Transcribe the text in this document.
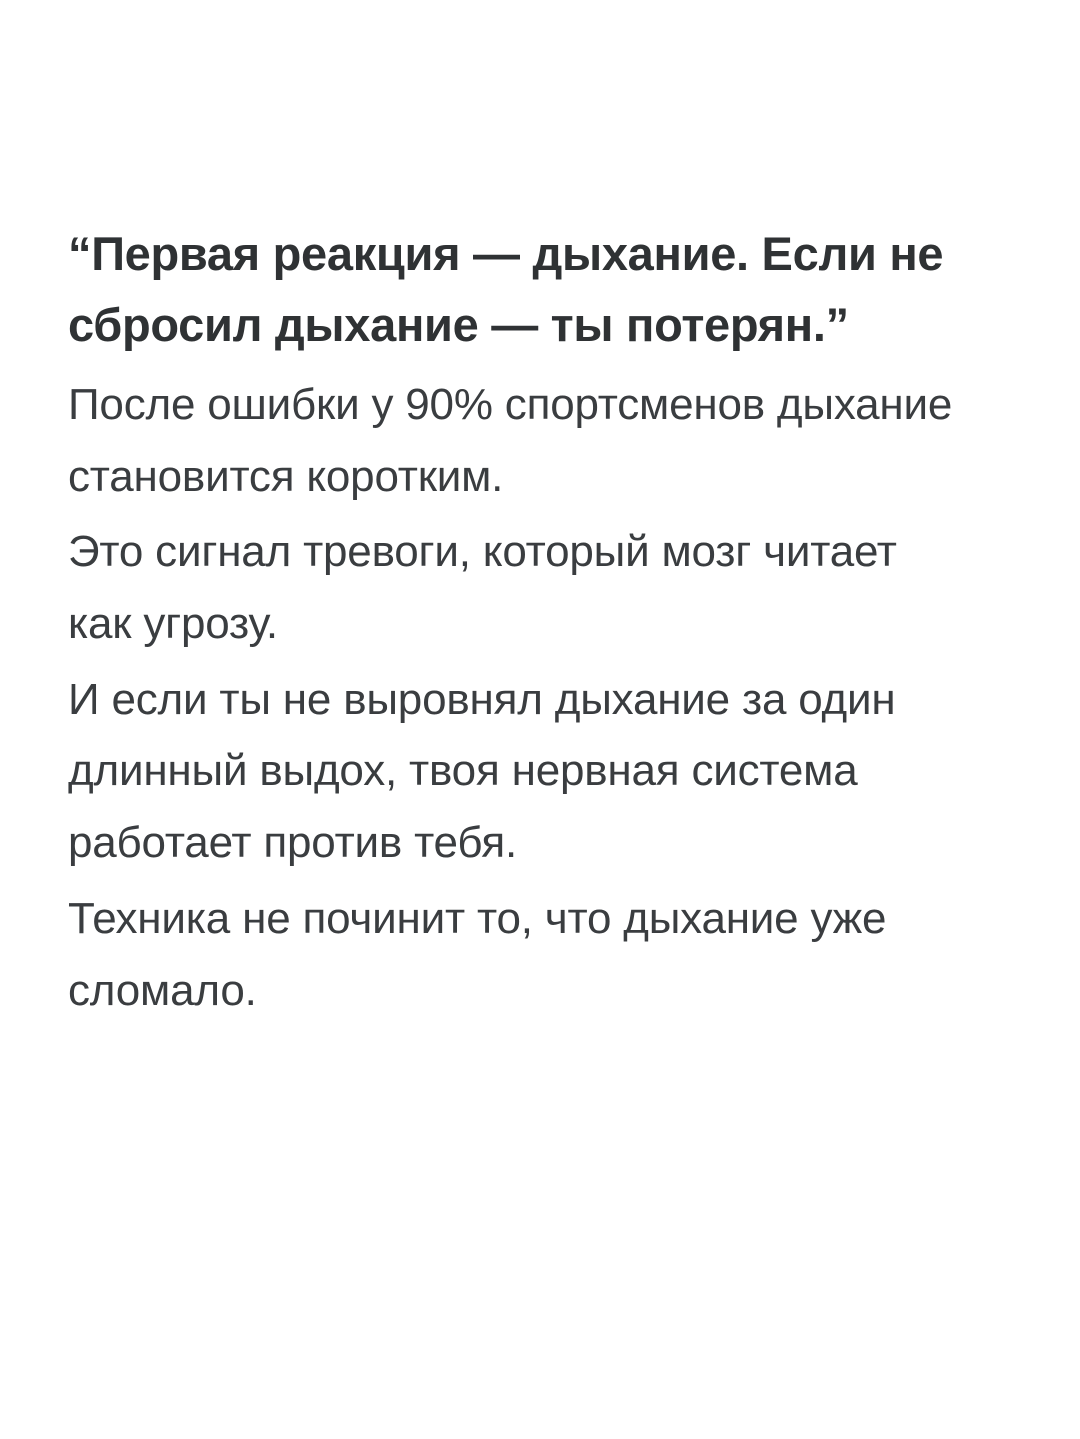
“Первая реакция — дыхание. Если не сбросил дыхание — ты потерян.”

После ошибки у 90% спортсменов дыхание становится коротким.

Это сигнал тревоги, который мозг читает как угрозу.

И если ты не выровнял дыхание за один длинный выдох, твоя нервная система работает против тебя.

Техника не починит то, что дыхание уже сломало.
